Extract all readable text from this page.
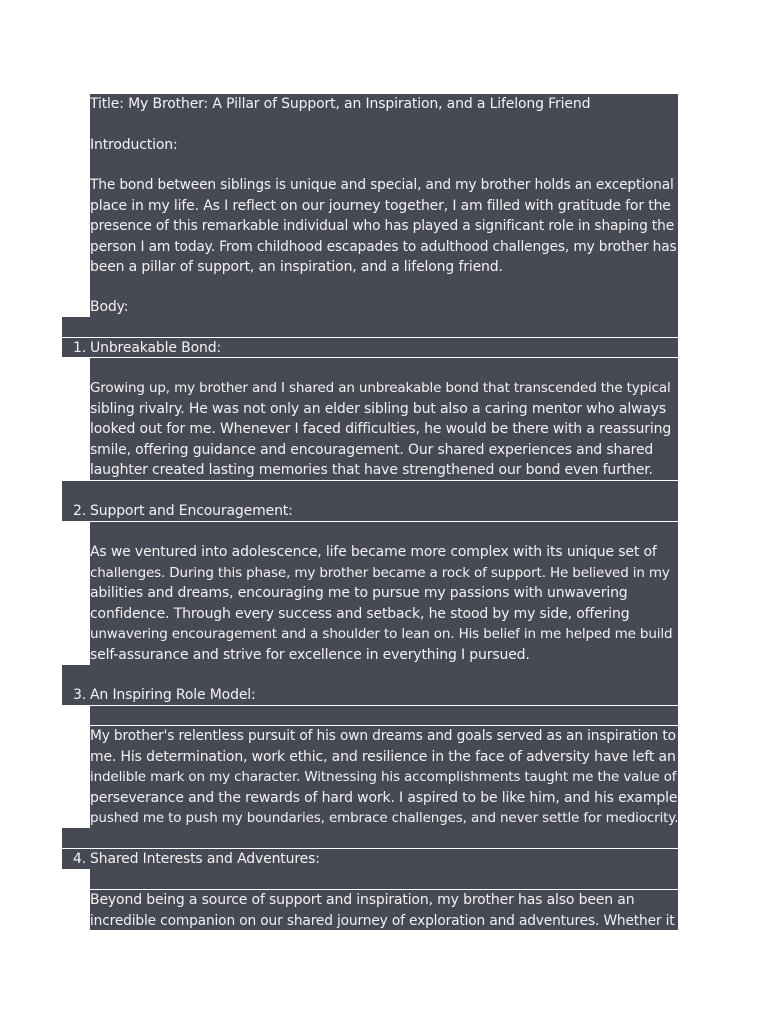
Title: My Brother: A Pillar of Support, an Inspiration, and a Lifelong Friend
Introduction:
The bond between siblings is unique and special, and my brother holds an exceptional
place in my life. As I reflect on our journey together, I am filled with gratitude for the
presence of this remarkable individual who has played a significant role in shaping the
person I am today. From childhood escapades to adulthood challenges, my brother has
been a pillar of support, an inspiration, and a lifelong friend.
Body:
1. Unbreakable Bond:
Growing up, my brother and I shared an unbreakable bond that transcended the typical
sibling rivalry. He was not only an elder sibling but also a caring mentor who always
looked out for me. Whenever I faced difficulties, he would be there with a reassuring
smile, offering guidance and encouragement. Our shared experiences and shared
laughter created lasting memories that have strengthened our bond even further.
2. Support and Encouragement:
As we ventured into adolescence, life became more complex with its unique set of
challenges. During this phase, my brother became a rock of support. He believed in my
abilities and dreams, encouraging me to pursue my passions with unwavering
confidence. Through every success and setback, he stood by my side, offering
unwavering encouragement and a shoulder to lean on. His belief in me helped me build
self-assurance and strive for excellence in everything I pursued.
3. An Inspiring Role Model:
My brother's relentless pursuit of his own dreams and goals served as an inspiration to
me. His determination, work ethic, and resilience in the face of adversity have left an
indelible mark on my character. Witnessing his accomplishments taught me the value of
perseverance and the rewards of hard work. I aspired to be like him, and his example
pushed me to push my boundaries, embrace challenges, and never settle for mediocrity.
4. Shared Interests and Adventures:
Beyond being a source of support and inspiration, my brother has also been an
incredible companion on our shared journey of exploration and adventures. Whether it
